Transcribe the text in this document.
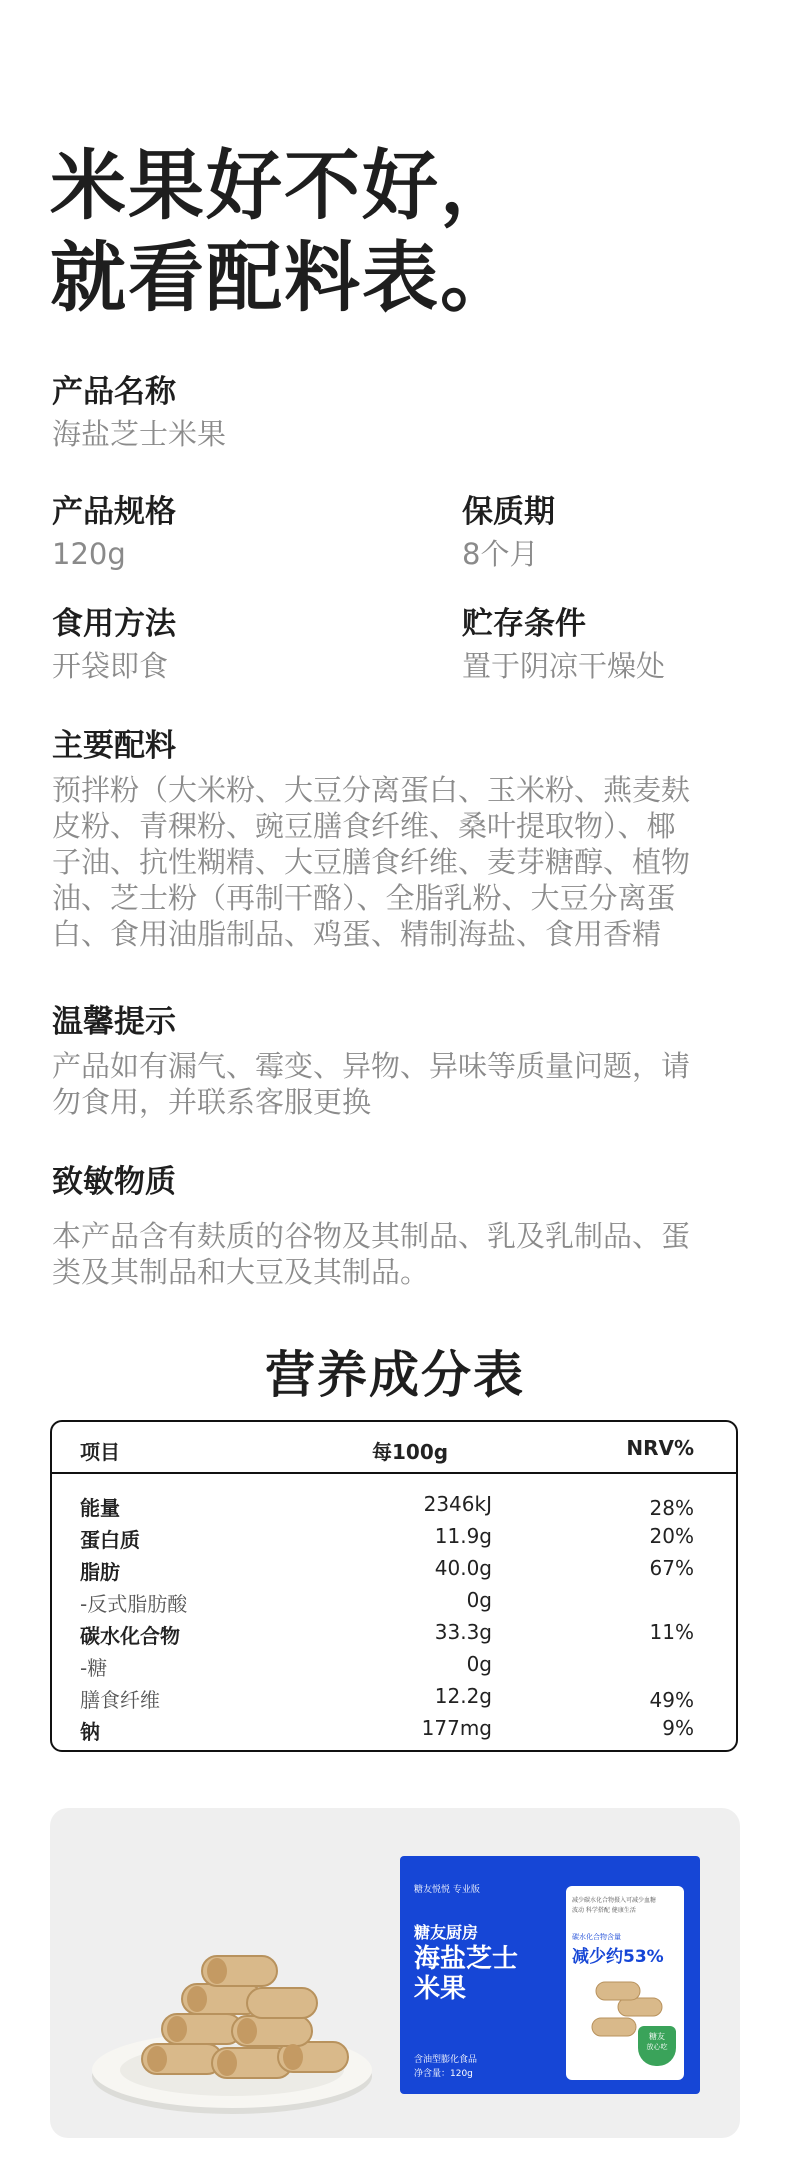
米果好不好，
就看配料表。
产品名称
海盐芝士米果
产品规格
120g
保质期
8个月
食用方法
开袋即食
贮存条件
置于阴凉干燥处
主要配料
预拌粉（大米粉、大豆分离蛋白、玉米粉、燕麦麸
皮粉、青稞粉、豌豆膳食纤维、桑叶提取物）、椰
子油、抗性糊精、大豆膳食纤维、麦芽糖醇、植物
油、芝士粉（再制干酪）、全脂乳粉、大豆分离蛋
白、食用油脂制品、鸡蛋、精制海盐、食用香精
温馨提示
产品如有漏气、霉变、异物、异味等质量问题，请
勿食用，并联系客服更换
致敏物质
本产品含有麸质的谷物及其制品、乳及乳制品、蛋
类及其制品和大豆及其制品。
营养成分表
项目	每100g	NRV%
能量	2346kJ	28%
蛋白质	11.9g	20%
脂肪	40.0g	67%
-反式脂肪酸	0g
碳水化合物	33.3g	11%
-糖	0g
膳食纤维	12.2g	49%
钠	177mg	9%
糖友悦悦 专业版
糖友厨房
海盐芝士
米果
含油型膨化食品
净含量：120g
减少碳水化合物摄入可减少血糖
波动 科学搭配 健康生活
碳水化合物含量
减少约53%
糖友
放心吃
